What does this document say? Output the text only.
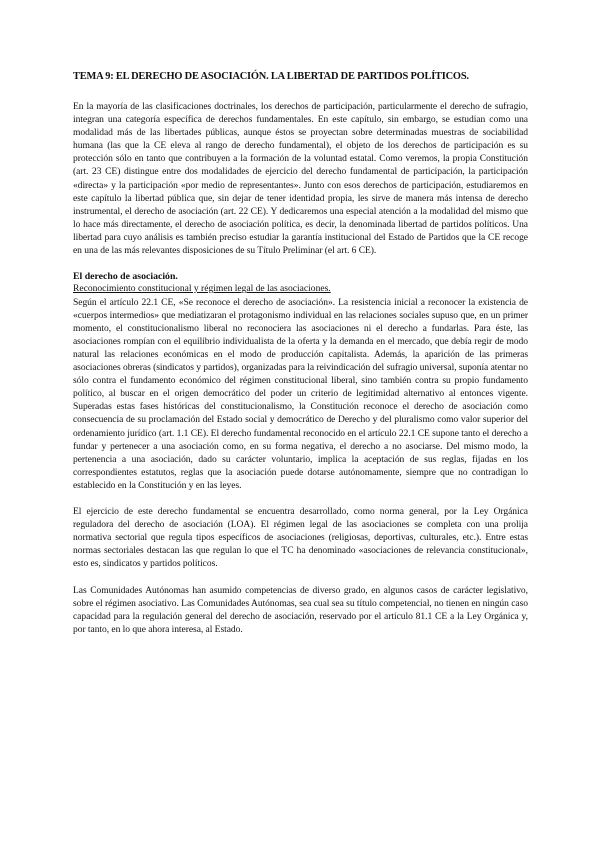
TEMA 9: EL DERECHO DE ASOCIACIÓN. LA LIBERTAD DE PARTIDOS POLÍTICOS.

En la mayoría de las clasificaciones doctrinales, los derechos de participación, particularmente el derecho de sufragio, integran una categoría específica de derechos fundamentales. En este capítulo, sin embargo, se estudian como una modalidad más de las libertades públicas, aunque éstos se proyectan sobre determinadas muestras de sociabilidad humana (las que la CE eleva al rango de derecho fundamental), el objeto de los derechos de participación es su protección sólo en tanto que contribuyen a la formación de la voluntad estatal. Como veremos, la propia Constitución (art. 23 CE) distingue entre dos modalidades de ejercicio del derecho fundamental de participación, la participación «directa» y la participación «por medio de representantes». Junto con esos derechos de participación, estudiaremos en este capítulo la libertad pública que, sin dejar de tener identidad propia, les sirve de manera más intensa de derecho instrumental, el derecho de asociación (art. 22 CE). Y dedicaremos una especial atención a la modalidad del mismo que lo hace más directamente, el derecho de asociación política, es decir, la denominada libertad de partidos políticos. Una libertad para cuyo análisis es también preciso estudiar la garantía institucional del Estado de Partidos que la CE recoge en una de las más relevantes disposiciones de su Título Preliminar (el art. 6 CE).

El derecho de asociación.
Reconocimiento constitucional y régimen legal de las asociaciones.

Según el artículo 22.1 CE, «Se reconoce el derecho de asociación». La resistencia inicial a reconocer la existencia de «cuerpos intermedios» que mediatizaran el protagonismo individual en las relaciones sociales supuso que, en un primer momento, el constitucionalismo liberal no reconociera las asociaciones ni el derecho a fundarlas. Para éste, las asociaciones rompían con el equilibrio individualista de la oferta y la demanda en el mercado, que debía regir de modo natural las relaciones económicas en el modo de producción capitalista. Además, la aparición de las primeras asociaciones obreras (sindicatos y partidos), organizadas para la reivindicación del sufragio universal, suponía atentar no sólo contra el fundamento económico del régimen constitucional liberal, sino también contra su propio fundamento político, al buscar en el origen democrático del poder un criterio de legitimidad alternativo al entonces vigente. Superadas estas fases históricas del constitucionalismo, la Constitución reconoce el derecho de asociación como consecuencia de su proclamación del Estado social y democrático de Derecho y del pluralismo como valor superior del ordenamiento jurídico (art. 1.1 CE). El derecho fundamental reconocido en el artículo 22.1 CE supone tanto el derecho a fundar y pertenecer a una asociación como, en su forma negativa, el derecho a no asociarse. Del mismo modo, la pertenencia a una asociación, dado su carácter voluntario, implica la aceptación de sus reglas, fijadas en los correspondientes estatutos, reglas que la asociación puede dotarse autónomamente, siempre que no contradigan lo establecido en la Constitución y en las leyes.

El ejercicio de este derecho fundamental se encuentra desarrollado, como norma general, por la Ley Orgánica reguladora del derecho de asociación (LOA). El régimen legal de las asociaciones se completa con una prolija normativa sectorial que regula tipos específicos de asociaciones (religiosas, deportivas, culturales, etc.). Entre estas normas sectoriales destacan las que regulan lo que el TC ha denominado «asociaciones de relevancia constitucional», esto es, sindicatos y partidos políticos.

Las Comunidades Autónomas han asumido competencias de diverso grado, en algunos casos de carácter legislativo, sobre el régimen asociativo. Las Comunidades Autónomas, sea cual sea su título competencial, no tienen en ningún caso capacidad para la regulación general del derecho de asociación, reservado por el artículo 81.1 CE a la Ley Orgánica y, por tanto, en lo que ahora interesa, al Estado.
